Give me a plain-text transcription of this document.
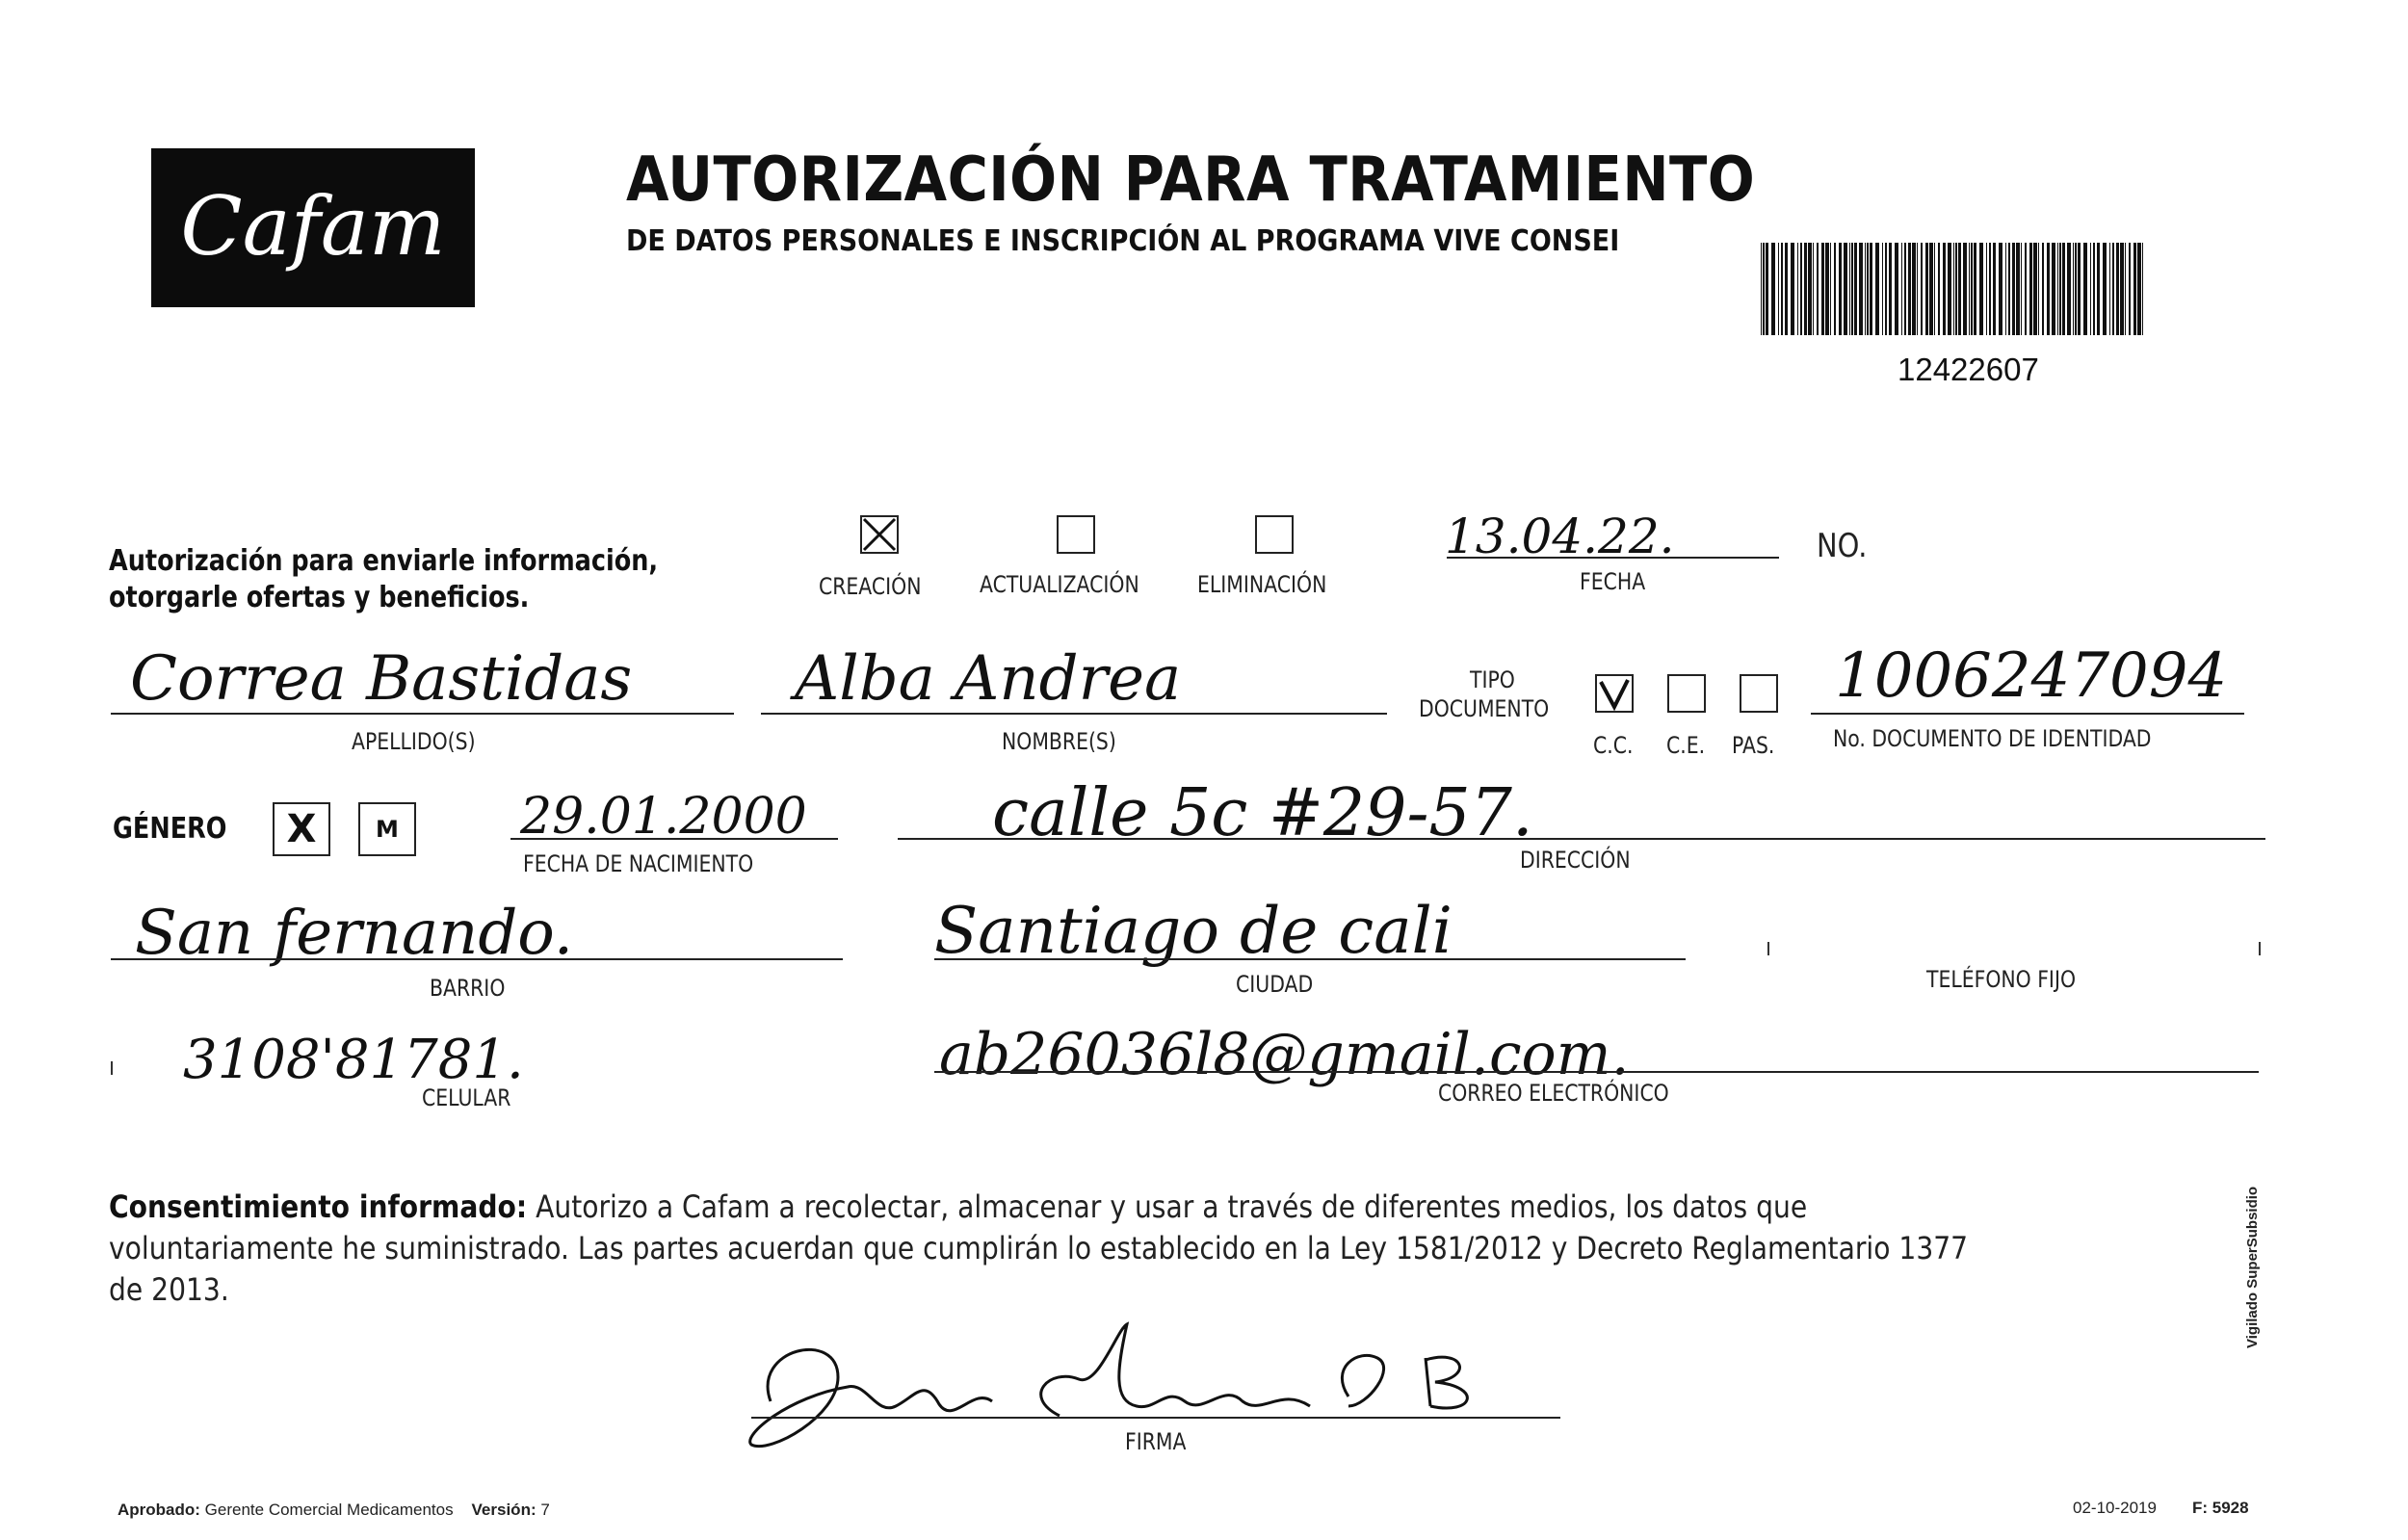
Cafam	AUTORIZACIÓN PARA TRATAMIENTO
DE DATOS PERSONALES E INSCRIPCIÓN AL PROGRAMA VIVE CONSEI
12422607
Autorización para enviarle información,
otorgarle ofertas y beneficios.	CREACIÓN	ACTUALIZACIÓN	ELIMINACIÓN
13.04.22.
FECHA
NO.
Correa Bastidas
APELLIDO(S)
Alba Andrea
NOMBRE(S)
TIPO
DOCUMENTO
C.C. C.E. PAS.
1006247094
No. DOCUMENTO DE IDENTIDAD
GÉNERO	X	M	29.01.2000
FECHA DE NACIMIENTO
calle 5c #29-57.
DIRECCIÓN
San fernando.
BARRIO
Santiago de cali
CIUDAD	TELÉFONO FIJO
3108'81781.
CELULAR
ab26036l8@gmail.com.
CORREO ELECTRÓNICO
Consentimiento informado: Autorizo a Cafam a recolectar, almacenar y usar a través de diferentes medios, los datos que voluntariamente he suministrado. Las partes acuerdan que cumplirán lo establecido en la Ley 1581/2012 y Decreto Reglamentario 1377 de 2013.
FIRMA
Aprobado: Gerente Comercial Medicamentos Versión: 7	02-10-2019 F: 5928
Vigilado SuperSubsidio
